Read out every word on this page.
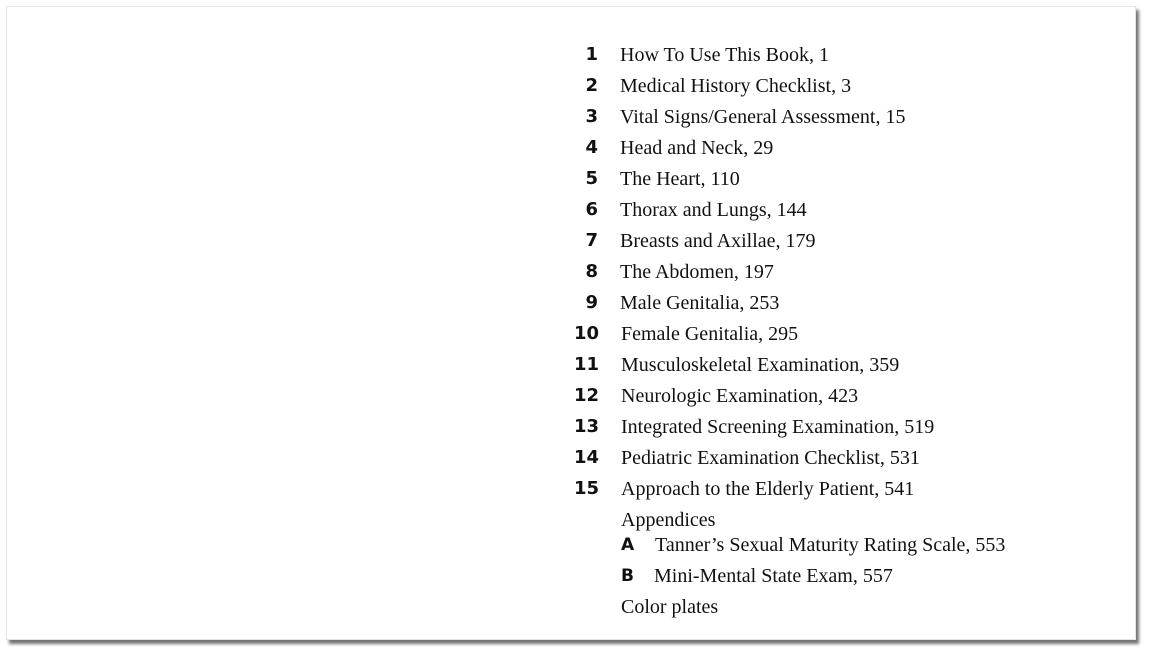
1 How To Use This Book, 1
2 Medical History Checklist, 3
3 Vital Signs/General Assessment, 15
4 Head and Neck, 29
5 The Heart, 110
6 Thorax and Lungs, 144
7 Breasts and Axillae, 179
8 The Abdomen, 197
9 Male Genitalia, 253
10 Female Genitalia, 295
11 Musculoskeletal Examination, 359
12 Neurologic Examination, 423
13 Integrated Screening Examination, 519
14 Pediatric Examination Checklist, 531
15 Approach to the Elderly Patient, 541
Appendices
A Tanner’s Sexual Maturity Rating Scale, 553
B Mini-Mental State Exam, 557
Color plates
